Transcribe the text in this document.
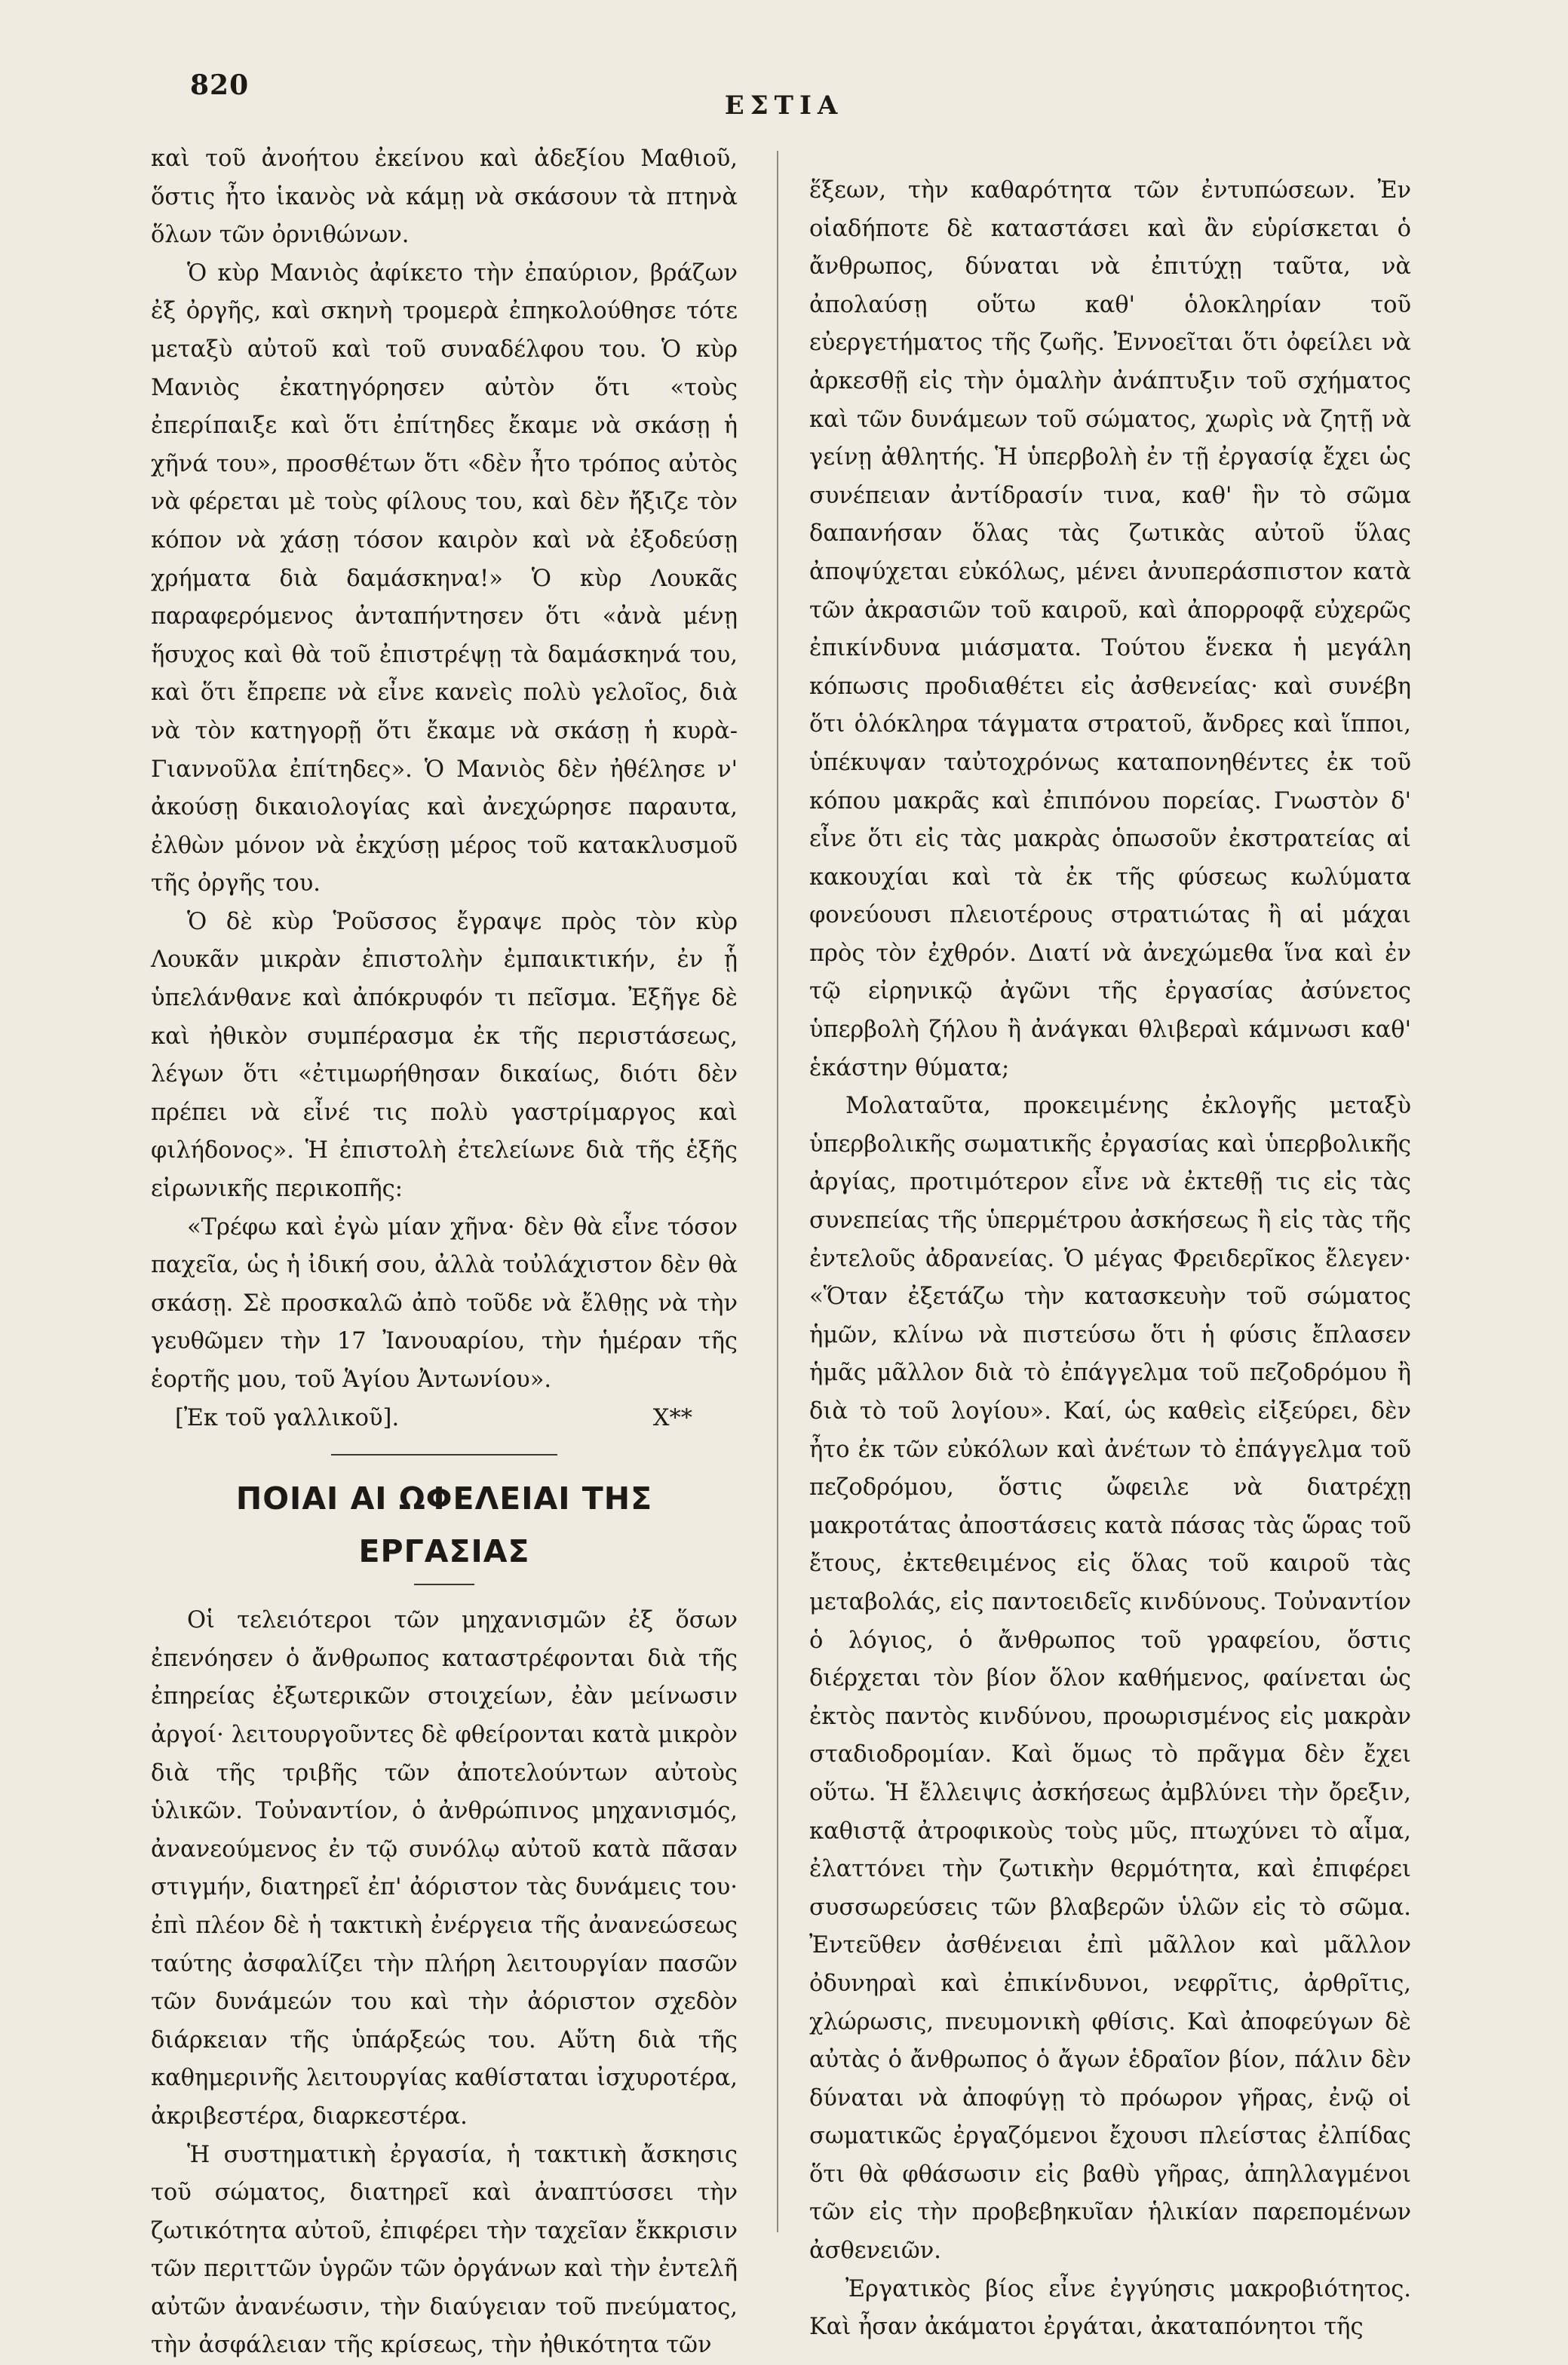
820
ΕΣΤΙΑ

καὶ τοῦ ἀνοήτου ἐκείνου καὶ ἀδεξίου Μαθιοῦ, ὅστις ἦτο ἱκανὸς νὰ κάμῃ νὰ σκάσουν τὰ πτηνὰ ὅλων τῶν ὀρνιθώνων.

Ὁ κὺρ Μανιὸς ἀφίκετο τὴν ἐπαύριον, βράζων ἐξ ὀργῆς, καὶ σκηνὴ τρομερὰ ἐπηκολούθησε τότε μεταξὺ αὐτοῦ καὶ τοῦ συναδέλφου του. Ὁ κὺρ Μανιὸς ἐκατηγόρησεν αὐτὸν ὅτι «τοὺς ἐπερίπαιξε καὶ ὅτι ἐπίτηδες ἔκαμε νὰ σκάσῃ ἡ χῆνά του», προσθέτων ὅτι «δὲν ἦτο τρόπος αὐτὸς νὰ φέρεται μὲ τοὺς φίλους του, καὶ δὲν ἤξιζε τὸν κόπον νὰ χάσῃ τόσον καιρὸν καὶ νὰ ἐξοδεύσῃ χρήματα διὰ δαμάσκηνα!» Ὁ κὺρ Λουκᾶς παραφερόμενος ἀνταπήντησεν ὅτι «ἀνὰ μένῃ ἥσυχος καὶ θὰ τοῦ ἐπιστρέψῃ τὰ δαμάσκηνά του, καὶ ὅτι ἔπρεπε νὰ εἶνε κανεὶς πολὺ γελοῖος, διὰ νὰ τὸν κατηγορῇ ὅτι ἔκαμε νὰ σκάσῃ ἡ κυρὰ-Γιαννοῦλα ἐπίτηδες». Ὁ Μανιὸς δὲν ἠθέλησε ν' ἀκούσῃ δικαιολογίας καὶ ἀνεχώρησε παραυτα, ἐλθὼν μόνον νὰ ἐκχύσῃ μέρος τοῦ κατακλυσμοῦ τῆς ὀργῆς του.

Ὁ δὲ κὺρ Ῥοῦσσος ἔγραψε πρὸς τὸν κὺρ Λουκᾶν μικρὰν ἐπιστολὴν ἐμπαικτικήν, ἐν ᾗ ὑπελάνθανε καὶ ἀπόκρυφόν τι πεῖσμα. Ἐξῆγε δὲ καὶ ἠθικὸν συμπέρασμα ἐκ τῆς περιστάσεως, λέγων ὅτι «ἐτιμωρήθησαν δικαίως, διότι δὲν πρέπει νὰ εἶνέ τις πολὺ γαστρίμαργος καὶ φιλήδονος». Ἡ ἐπιστολὴ ἐτελείωνε διὰ τῆς ἑξῆς εἰρωνικῆς περικοπῆς:

«Τρέφω καὶ ἐγὼ μίαν χῆνα· δὲν θὰ εἶνε τόσον παχεῖα, ὡς ἡ ἰδική σου, ἀλλὰ τοὐλάχιστον δὲν θὰ σκάσῃ. Σὲ προσκαλῶ ἀπὸ τοῦδε νὰ ἔλθῃς νὰ τὴν γευθῶμεν τὴν 17 Ἰανουαρίου, τὴν ἡμέραν τῆς ἑορτῆς μου, τοῦ Ἁγίου Ἀντωνίου».

[Ἐκ τοῦ γαλλικοῦ].	X**
ΠΟΙΑΙ ΑΙ ΩΦΕΛΕΙΑΙ ΤΗΣ ΕΡΓΑΣΙΑΣ

Οἱ τελειότεροι τῶν μηχανισμῶν ἐξ ὅσων ἐπενόησεν ὁ ἄνθρωπος καταστρέφονται διὰ τῆς ἐπηρείας ἐξωτερικῶν στοιχείων, ἐὰν μείνωσιν ἀργοί· λειτουργοῦντες δὲ φθείρονται κατὰ μικρὸν διὰ τῆς τριβῆς τῶν ἀποτελούντων αὐτοὺς ὑλικῶν. Τοὐναντίον, ὁ ἀνθρώπινος μηχανισμός, ἀνανεούμενος ἐν τῷ συνόλῳ αὐτοῦ κατὰ πᾶσαν στιγμήν, διατηρεῖ ἐπ' ἀόριστον τὰς δυνάμεις του· ἐπὶ πλέον δὲ ἡ τακτικὴ ἐνέργεια τῆς ἀνανεώσεως ταύτης ἀσφαλίζει τὴν πλήρη λειτουργίαν πασῶν τῶν δυνάμεών του καὶ τὴν ἀόριστον σχεδὸν διάρκειαν τῆς ὑπάρξεώς του. Αὕτη διὰ τῆς καθημερινῆς λειτουργίας καθίσταται ἰσχυροτέρα, ἀκριβεστέρα, διαρκεστέρα.

Ἡ συστηματικὴ ἐργασία, ἡ τακτικὴ ἄσκησις τοῦ σώματος, διατηρεῖ καὶ ἀναπτύσσει τὴν ζωτικότητα αὐτοῦ, ἐπιφέρει τὴν ταχεῖαν ἔκκρισιν τῶν περιττῶν ὑγρῶν τῶν ὀργάνων καὶ τὴν ἐντελῆ αὐτῶν ἀνανέωσιν, τὴν διαύγειαν τοῦ πνεύματος, τὴν ἀσφάλειαν τῆς κρίσεως, τὴν ἠθικότητα τῶν

ἕξεων, τὴν καθαρότητα τῶν ἐντυπώσεων. Ἐν οἱαδήποτε δὲ καταστάσει καὶ ἂν εὑρίσκεται ὁ ἄνθρωπος, δύναται νὰ ἐπιτύχῃ ταῦτα, νὰ ἀπολαύσῃ οὕτω καθ' ὁλοκληρίαν τοῦ εὐεργετήματος τῆς ζωῆς. Ἐννοεῖται ὅτι ὀφείλει νὰ ἀρκεσθῇ εἰς τὴν ὁμαλὴν ἀνάπτυξιν τοῦ σχήματος καὶ τῶν δυνάμεων τοῦ σώματος, χωρὶς νὰ ζητῇ νὰ γείνῃ ἀθλητής. Ἡ ὑπερβολὴ ἐν τῇ ἐργασίᾳ ἔχει ὡς συνέπειαν ἀντίδρασίν τινα, καθ' ἣν τὸ σῶμα δαπανήσαν ὅλας τὰς ζωτικὰς αὐτοῦ ὕλας ἀποψύχεται εὐκόλως, μένει ἀνυπεράσπιστον κατὰ τῶν ἀκρασιῶν τοῦ καιροῦ, καὶ ἀπορροφᾷ εὐχερῶς ἐπικίνδυνα μιάσματα. Τούτου ἕνεκα ἡ μεγάλη κόπωσις προδιαθέτει εἰς ἀσθενείας· καὶ συνέβη ὅτι ὁλόκληρα τάγματα στρατοῦ, ἄνδρες καὶ ἵπποι, ὑπέκυψαν ταὐτοχρόνως καταπονηθέντες ἐκ τοῦ κόπου μακρᾶς καὶ ἐπιπόνου πορείας. Γνωστὸν δ' εἶνε ὅτι εἰς τὰς μακρὰς ὁπωσοῦν ἐκστρατείας αἱ κακουχίαι καὶ τὰ ἐκ τῆς φύσεως κωλύματα φονεύουσι πλειοτέρους στρατιώτας ἢ αἱ μάχαι πρὸς τὸν ἐχθρόν. Διατί νὰ ἀνεχώμεθα ἵνα καὶ ἐν τῷ εἰρηνικῷ ἀγῶνι τῆς ἐργασίας ἀσύνετος ὑπερβολὴ ζήλου ἢ ἀνάγκαι θλιβεραὶ κάμνωσι καθ' ἑκάστην θύματα;

Μολαταῦτα, προκειμένης ἐκλογῆς μεταξὺ ὑπερβολικῆς σωματικῆς ἐργασίας καὶ ὑπερβολικῆς ἀργίας, προτιμότερον εἶνε νὰ ἐκτεθῇ τις εἰς τὰς συνεπείας τῆς ὑπερμέτρου ἀσκήσεως ἢ εἰς τὰς τῆς ἐντελοῦς ἀδρανείας. Ὁ μέγας Φρειδερῖκος ἔλεγεν· «Ὅταν ἐξετάζω τὴν κατασκευὴν τοῦ σώματος ἡμῶν, κλίνω νὰ πιστεύσω ὅτι ἡ φύσις ἔπλασεν ἡμᾶς μᾶλλον διὰ τὸ ἐπάγγελμα τοῦ πεζοδρόμου ἢ διὰ τὸ τοῦ λογίου». Καί, ὡς καθεὶς εἰξεύρει, δὲν ἦτο ἐκ τῶν εὐκόλων καὶ ἀνέτων τὸ ἐπάγγελμα τοῦ πεζοδρόμου, ὅστις ὤφειλε νὰ διατρέχῃ μακροτάτας ἀποστάσεις κατὰ πάσας τὰς ὥρας τοῦ ἔτους, ἐκτεθειμένος εἰς ὅλας τοῦ καιροῦ τὰς μεταβολάς, εἰς παντοειδεῖς κινδύνους. Τοὐναντίον ὁ λόγιος, ὁ ἄνθρωπος τοῦ γραφείου, ὅστις διέρχεται τὸν βίον ὅλον καθήμενος, φαίνεται ὡς ἐκτὸς παντὸς κινδύνου, προωρισμένος εἰς μακρὰν σταδιοδρομίαν. Καὶ ὅμως τὸ πρᾶγμα δὲν ἔχει οὕτω. Ἡ ἔλλειψις ἀσκήσεως ἀμβλύνει τὴν ὄρεξιν, καθιστᾷ ἀτροφικοὺς τοὺς μῦς, πτωχύνει τὸ αἷμα, ἐλαττόνει τὴν ζωτικὴν θερμότητα, καὶ ἐπιφέρει συσσωρεύσεις τῶν βλαβερῶν ὑλῶν εἰς τὸ σῶμα. Ἐντεῦθεν ἀσθένειαι ἐπὶ μᾶλλον καὶ μᾶλλον ὀδυνηραὶ καὶ ἐπικίνδυνοι, νεφρῖτις, ἀρθρῖτις, χλώρωσις, πνευμονικὴ φθίσις. Καὶ ἀποφεύγων δὲ αὐτὰς ὁ ἄνθρωπος ὁ ἄγων ἑδραῖον βίον, πάλιν δὲν δύναται νὰ ἀποφύγῃ τὸ πρόωρον γῆρας, ἐνῷ οἱ σωματικῶς ἐργαζόμενοι ἔχουσι πλείστας ἐλπίδας ὅτι θὰ φθάσωσιν εἰς βαθὺ γῆρας, ἀπηλλαγμένοι τῶν εἰς τὴν προβεβηκυῖαν ἡλικίαν παρεπομένων ἀσθενειῶν.

Ἐργατικὸς βίος εἶνε ἐγγύησις μακροβιότητος. Καὶ ἦσαν ἀκάματοι ἐργάται, ἀκαταπόνητοι τῆς
